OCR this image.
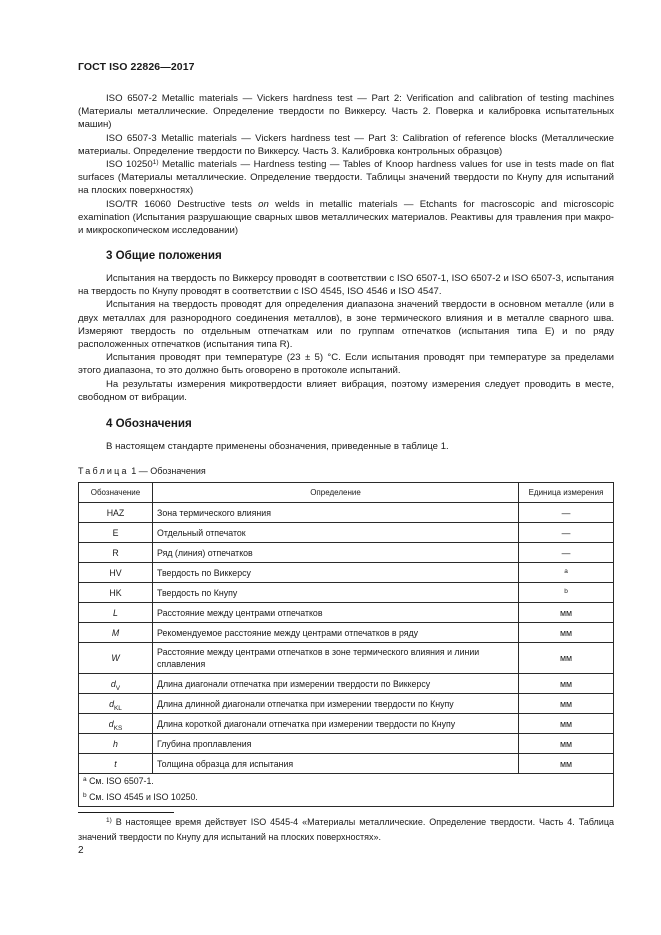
ГОСТ ISO 22826—2017

ISO 6507-2 Metallic materials — Vickers hardness test — Part 2: Verification and calibration of testing machines (Материалы металлические. Определение твердости по Виккерсу. Часть 2. Поверка и калибровка испытательных машин)

ISO 6507-3 Metallic materials — Vickers hardness test — Part 3: Calibration of reference blocks (Металлические материалы. Определение твердости по Виккерсу. Часть 3. Калибровка контрольных образцов)

ISO 10250$^{1)}$ Metallic materials — Hardness testing — Tables of Knoop hardness values for use in tests made on flat surfaces (Материалы металлические. Определение твердости. Таблицы значений твердости по Кнупу для испытаний на плоских поверхностях)

ISO/TR 16060 Destructive tests on welds in metallic materials — Etchants for macroscopic and microscopic examination (Испытания разрушающие сварных швов металлических материалов. Реактивы для травления при макро- и микроскопическом исследовании)

3 Общие положения

Испытания на твердость по Виккерсу проводят в соответствии с ISO 6507-1, ISO 6507-2 и ISO 6507-3, испытания на твердость по Кнупу проводят в соответствии с ISO 4545, ISO 4546 и ISO 4547.

Испытания на твердость проводят для определения диапазона значений твердости в основном металле (или в двух металлах для разнородного соединения металлов), в зоне термического влияния и в металле сварного шва. Измеряют твердость по отдельным отпечаткам или по группам отпечатков (испытания типа E) и по ряду расположенных отпечатков (испытания типа R).

Испытания проводят при температуре (23 ± 5) °C. Если испытания проводят при температуре за пределами этого диапазона, то это должно быть оговорено в протоколе испытаний.

На результаты измерения микротвердости влияет вибрация, поэтому измерения следует проводить в месте, свободном от вибрации.

4 Обозначения

В настоящем стандарте применены обозначения, приведенные в таблице 1.

Таблица 1 — Обозначения
Обозначение	Определение	Единица измерения
HAZ	Зона термического влияния	—
E	Отдельный отпечаток	—
R	Ряд (линия) отпечатков	—
HV	Твердость по Виккерсу	$^a$
HK	Твердость по Кнупу	$^b$
L	Расстояние между центрами отпечатков	мм
M	Рекомендуемое расстояние между центрами отпечатков в ряду	мм
W	Расстояние между центрами отпечатков в зоне термического влияния и линии сплавления	мм
$d_V$	Длина диагонали отпечатка при измерении твердости по Виккерсу	мм
$d_{KL}$	Длина длинной диагонали отпечатка при измерении твердости по Кнупу	мм
$d_{KS}$	Длина короткой диагонали отпечатка при измерении твердости по Кнупу	мм
h	Глубина проплавления	мм
t	Толщина образца для испытания	мм

$^a$ См. ISO 6507-1.
$^b$ См. ISO 4545 и ISO 10250.		

$^{1)}$ В настоящее время действует ISO 4545-4 «Материалы металлические. Определение твердости. Часть 4. Таблица значений твердости по Кнупу для испытаний на плоских поверхностях».

2
